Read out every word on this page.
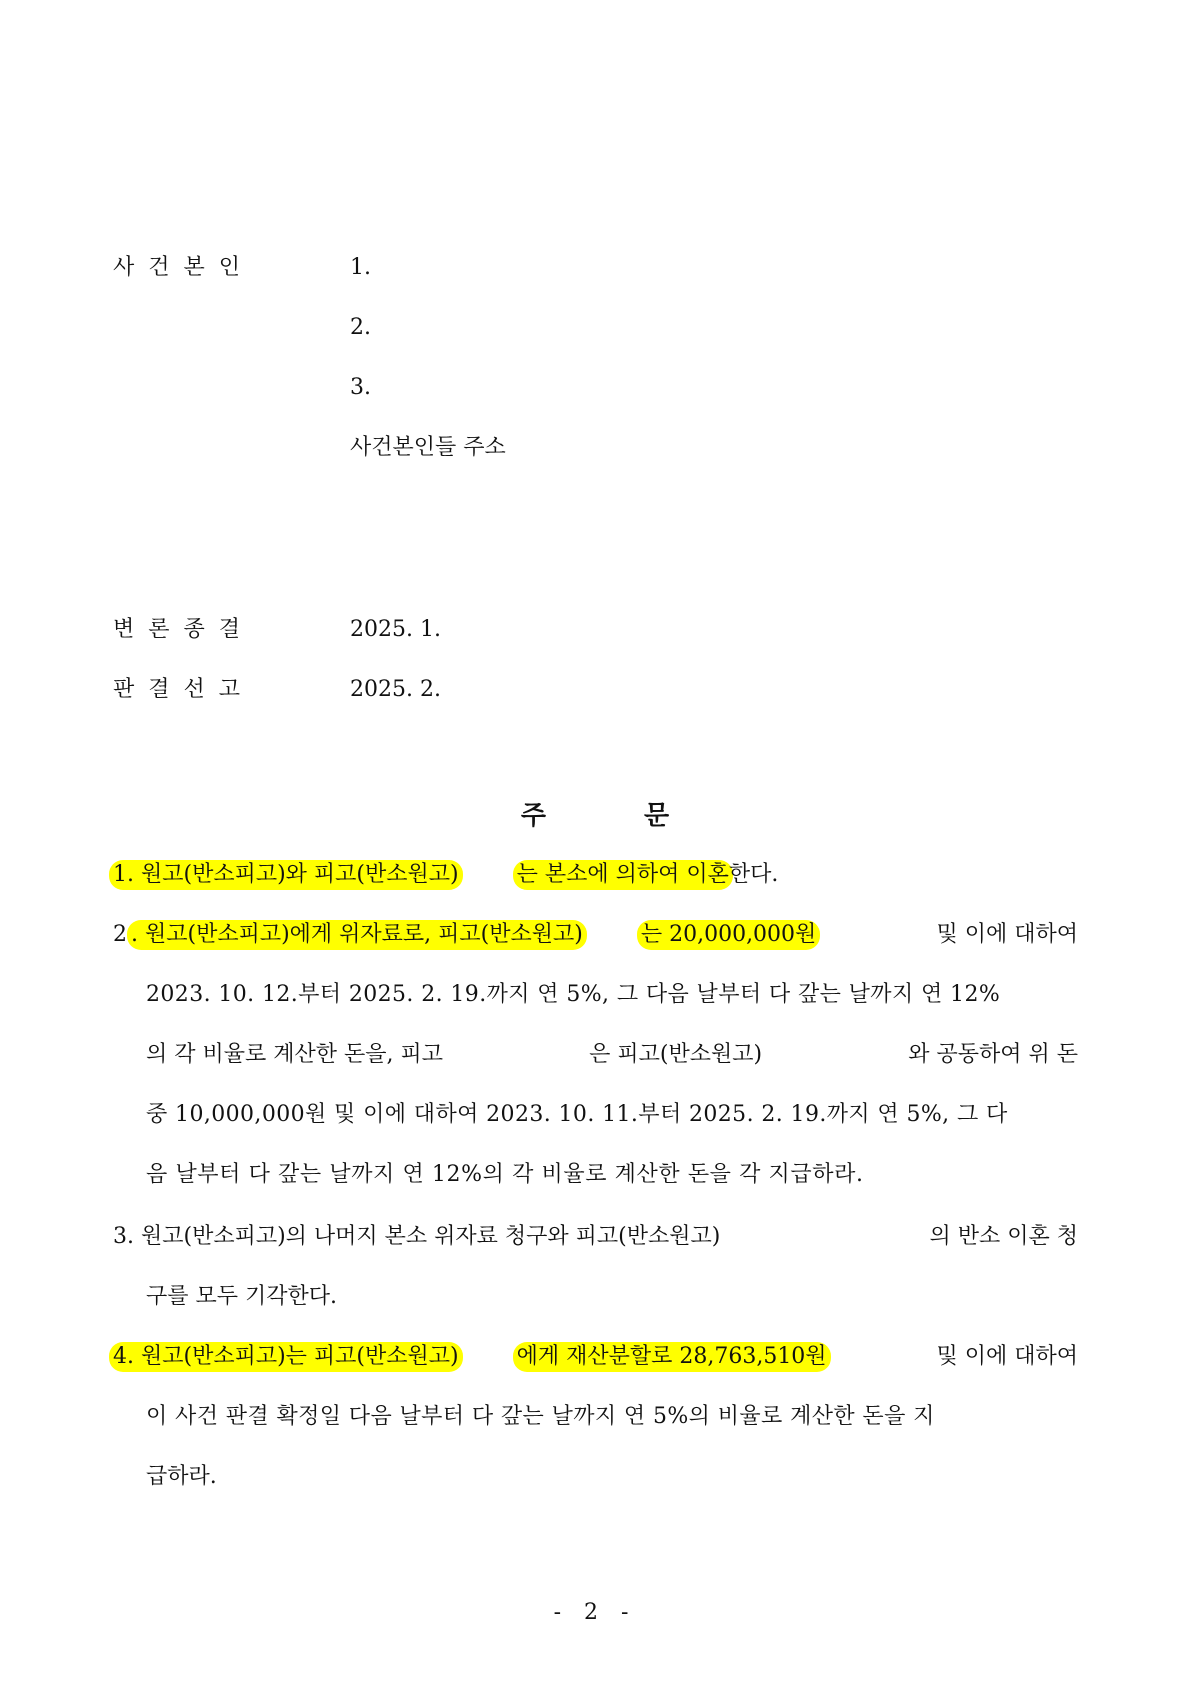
사건본인	1.
2.
3.
사건본인들 주소
변론종결	2025. 1.
판결선고	2025. 2.
주	문
1. 원고(반소피고)와 피고(반소원고)	는 본소에 의하여 이혼 한다.
2 . 원고(반소피고)에게 위자료로, 피고(반소원고)	는 20,000,000원	및 이에 대하여
2023. 10. 12.부터 2025. 2. 19.까지 연 5%, 그 다음 날부터 다 갚는 날까지 연 12%
의 각 비율로 계산한 돈을, 피고	은 피고(반소원고)	와 공동하여 위 돈
중 10,000,000원 및 이에 대하여 2023. 10. 11.부터 2025. 2. 19.까지 연 5%, 그 다
음 날부터 다 갚는 날까지 연 12%의 각 비율로 계산한 돈을 각 지급하라.
3. 원고(반소피고)의 나머지 본소 위자료 청구와 피고(반소원고)	의 반소 이혼 청
구를 모두 기각한다.
4. 원고(반소피고)는 피고(반소원고)	에게 재산분할로 28,763,510원	및 이에 대하여
이 사건 판결 확정일 다음 날부터 다 갚는 날까지 연 5%의 비율로 계산한 돈을 지
급하라.
- 2 -
